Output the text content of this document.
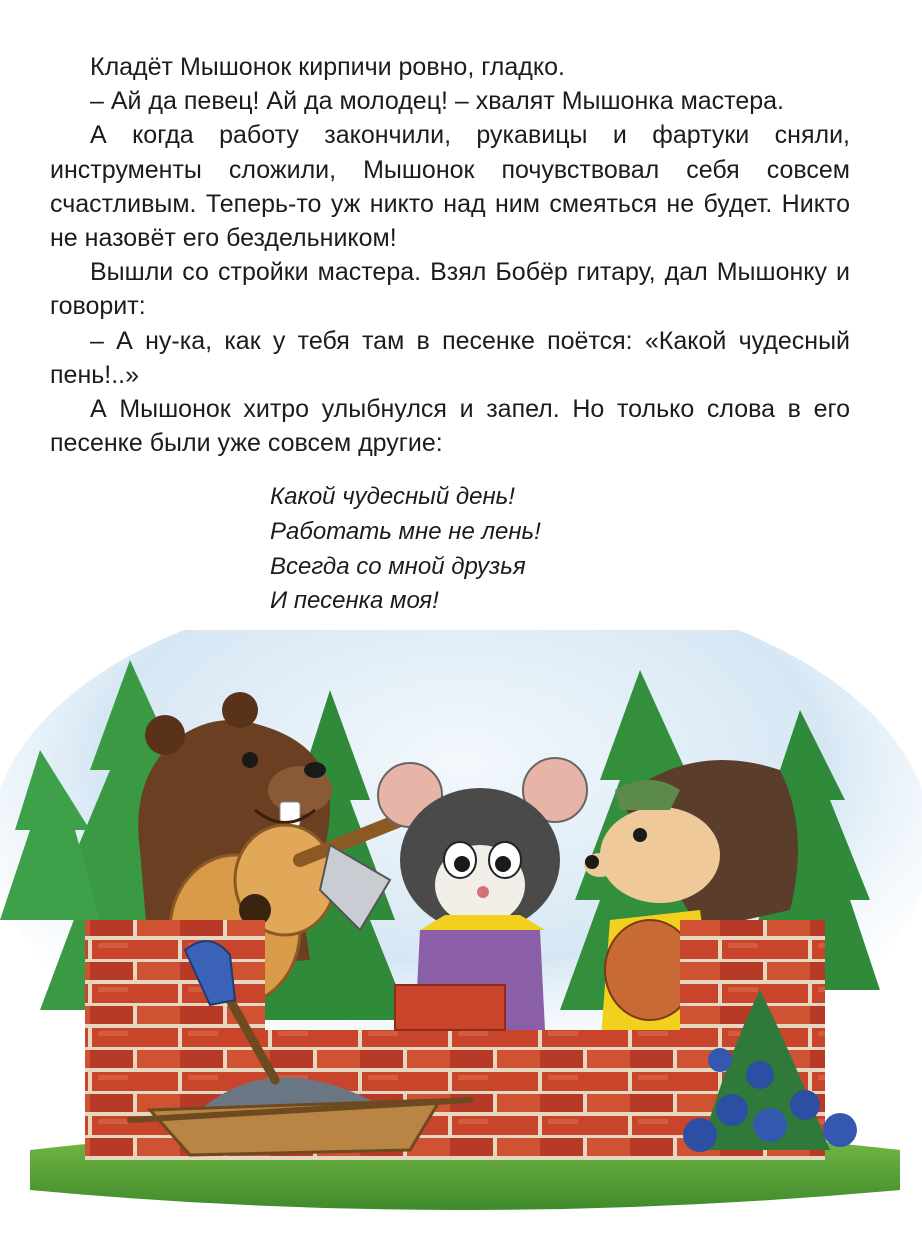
Кладёт Мышонок кирпичи ровно, гладко.

– Ай да певец! Ай да молодец! – хвалят Мышонка мастера.

А когда работу закончили, рукавицы и фартуки сняли, инструменты сложили, Мышонок почувствовал себя совсем счастливым. Теперь-то уж никто над ним смеяться не будет. Никто не назовёт его бездельником!

Вышли со стройки мастера. Взял Бобёр гитару, дал Мышонку и говорит:

– А ну-ка, как у тебя там в песенке поётся: «Какой чудесный пень!..»

А Мышонок хитро улыбнулся и запел. Но только слова в его песенке были уже совсем другие:

Какой чудесный день!
Работать мне не лень!
Всегда со мной друзья
И песенка моя!
